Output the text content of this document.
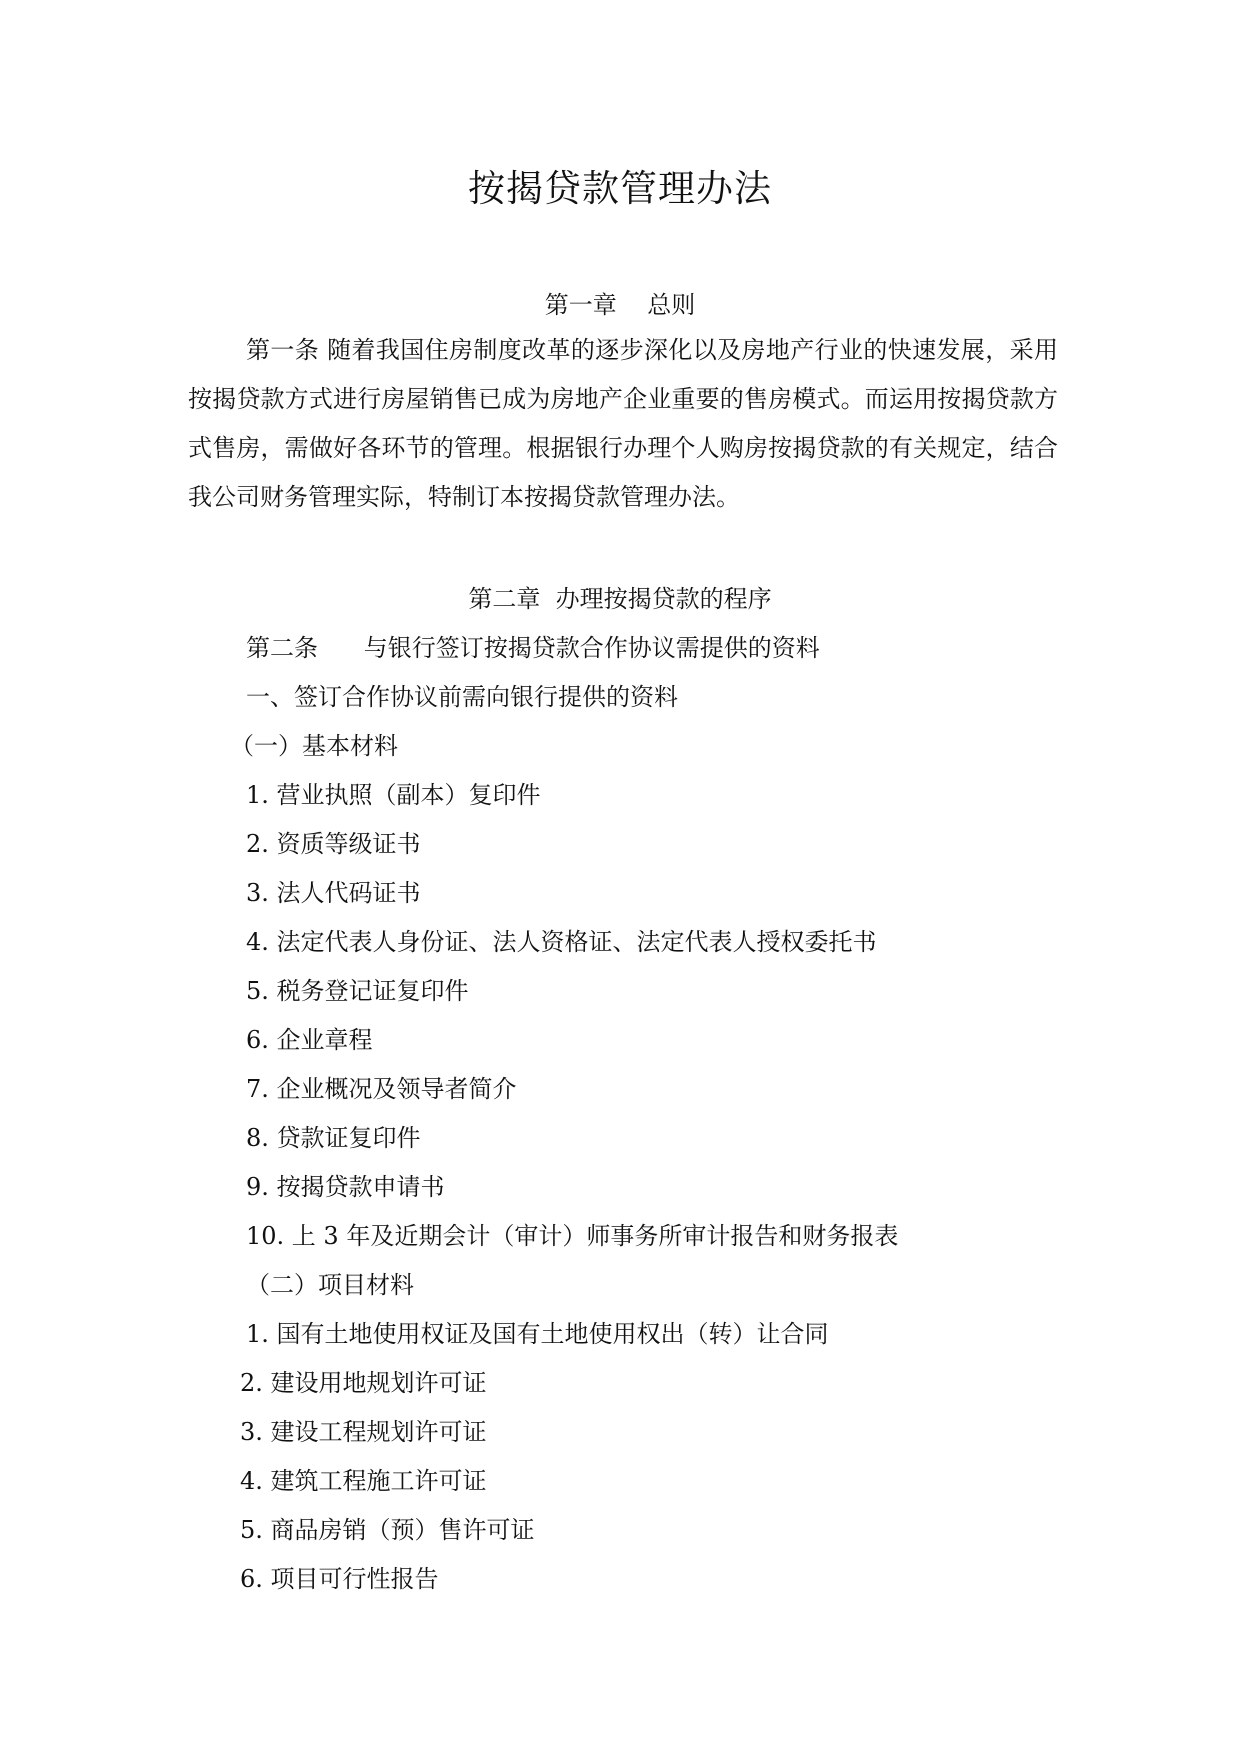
按揭贷款管理办法
第一章    总则

第一条 随着我国住房制度改革的逐步深化以及房地产行业的快速发展，采用按揭贷款方式进行房屋销售已成为房地产企业重要的售房模式。而运用按揭贷款方式售房，需做好各环节的管理。根据银行办理个人购房按揭贷款的有关规定，结合我公司财务管理实际，特制订本按揭贷款管理办法。

第二章  办理按揭贷款的程序
第二条      与银行签订按揭贷款合作协议需提供的资料
一、签订合作协议前需向银行提供的资料
（一）基本材料
1. 营业执照（副本）复印件
2. 资质等级证书
3. 法人代码证书
4. 法定代表人身份证、法人资格证、法定代表人授权委托书
5. 税务登记证复印件
6. 企业章程
7. 企业概况及领导者简介
8. 贷款证复印件
9. 按揭贷款申请书
10. 上 3 年及近期会计（审计）师事务所审计报告和财务报表
（二）项目材料
1. 国有土地使用权证及国有土地使用权出（转）让合同
2. 建设用地规划许可证
3. 建设工程规划许可证
4. 建筑工程施工许可证
5. 商品房销（预）售许可证
6. 项目可行性报告
